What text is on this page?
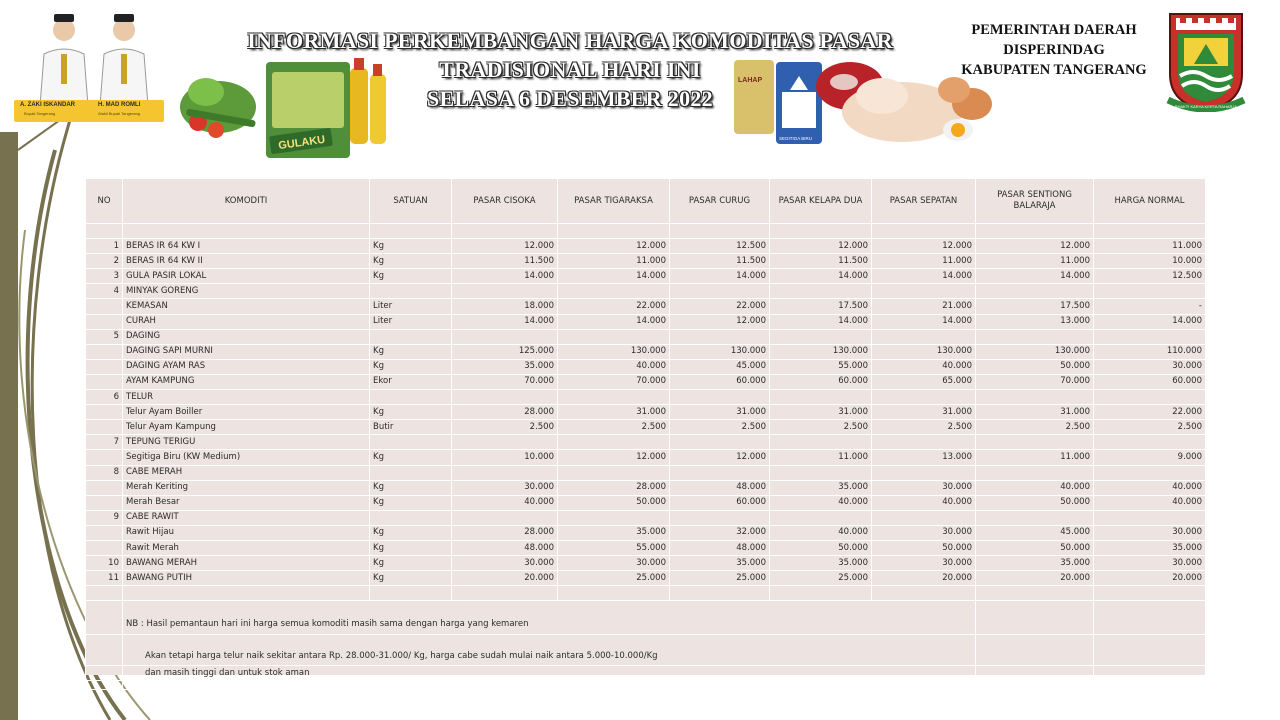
A. ZAKI ISKANDAR
Bupati Tangerang
H. MAD ROMLI
Wakil Bupati Tangerang
GULAKU
INFORMASI PERKEMBANGAN HARGA KOMODITAS PASAR
TRADISIONAL HARI INI
SELASA 6 DESEMBER 2022
LAHAP
SEGITIGA BIRU
PEMERINTAH DAERAH
DISPERINDAG
KABUPATEN TANGERANG
BHAKTI KARYA KERTA RAHARJA
NO	KOMODITI	SATUAN	PASAR CISOKA	PASAR TIGARAKSA	PASAR CURUG	PASAR KELAPA DUA	PASAR SEPATAN	PASAR SENTIONG BALARAJA	HARGA NORMAL

1	BERAS IR 64 KW I	Kg	12.000	12.000	12.500	12.000	12.000	12.000	11.000
2	BERAS IR 64 KW II	Kg	11.500	11.000	11.500	11.500	11.000	11.000	10.000
3	GULA PASIR LOKAL	Kg	14.000	14.000	14.000	14.000	14.000	14.000	12.500
4	MINYAK GORENG								
	KEMASAN	Liter	18.000	22.000	22.000	17.500	21.000	17.500	-
	CURAH	Liter	14.000	14.000	12.000	14.000	14.000	13.000	14.000
5	DAGING								
	DAGING SAPI MURNI	Kg	125.000	130.000	130.000	130.000	130.000	130.000	110.000
	DAGING AYAM RAS	Kg	35.000	40.000	45.000	55.000	40.000	50.000	30.000
	AYAM KAMPUNG	Ekor	70.000	70.000	60.000	60.000	65.000	70.000	60.000
6	TELUR								
	Telur Ayam Boiller	Kg	28.000	31.000	31.000	31.000	31.000	31.000	22.000
	Telur Ayam Kampung	Butir	2.500	2.500	2.500	2.500	2.500	2.500	2.500
7	TEPUNG TERIGU								
	Segitiga Biru (KW Medium)	Kg	10.000	12.000	12.000	11.000	13.000	11.000	9.000
8	CABE MERAH								
	Merah Keriting	Kg	30.000	28.000	48.000	35.000	30.000	40.000	40.000
	Merah Besar	Kg	40.000	50.000	60.000	40.000	40.000	50.000	40.000
9	CABE RAWIT								
	Rawit Hijau	Kg	28.000	35.000	32.000	40.000	30.000	45.000	30.000
	Rawit Merah	Kg	48.000	55.000	48.000	50.000	50.000	50.000	35.000
10	BAWANG MERAH	Kg	30.000	30.000	35.000	35.000	30.000	35.000	30.000
11	BAWANG PUTIH	Kg	20.000	25.000	25.000	25.000	20.000	20.000	20.000

	NB : Hasil pemantaun hari ini harga semua komoditi masih sama dengan harga yang kemaren								
	Akan tetapi harga telur naik sekitar antara Rp. 28.000-31.000/ Kg, harga cabe sudah mulai naik antara 5.000-10.000/Kg								
	dan masih tinggi dan untuk stok aman								
